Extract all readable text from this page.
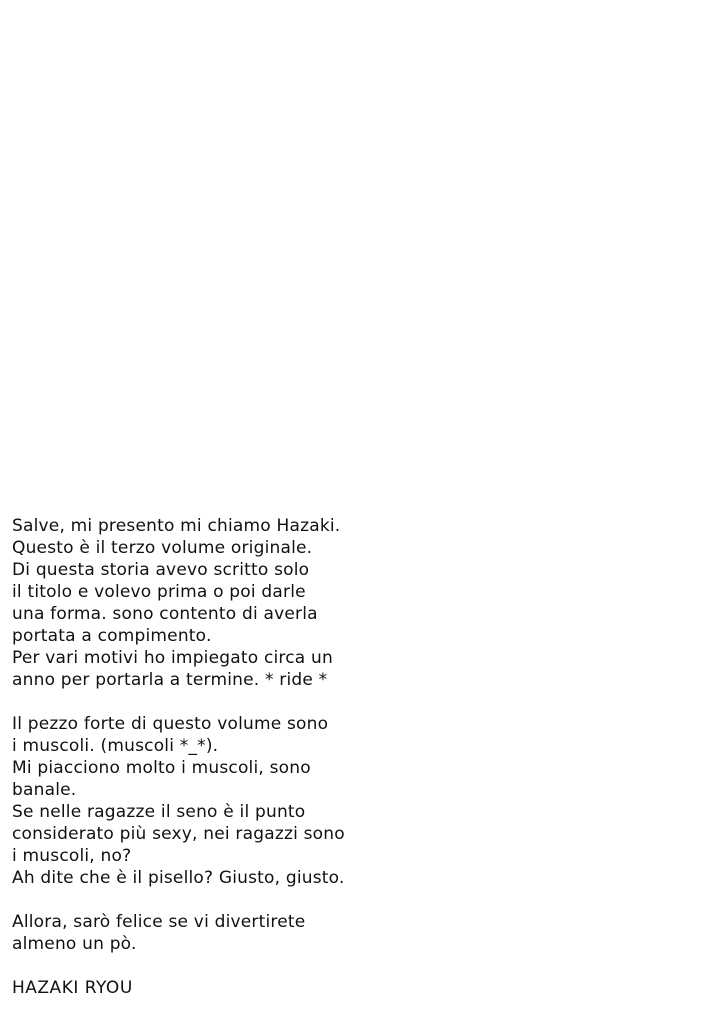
Salve, mi presento mi chiamo Hazaki.
Questo è il terzo volume originale.
Di questa storia avevo scritto solo
il titolo e volevo prima o poi darle
una forma. sono contento di averla
portata a compimento.
Per vari motivi ho impiegato circa un
anno per portarla a termine. * ride *
Il pezzo forte di questo volume sono
i muscoli. (muscoli *_*).
Mi piacciono molto i muscoli, sono
banale.
Se nelle ragazze il seno è il punto
considerato più sexy, nei ragazzi sono
i muscoli, no?
Ah dite che è il pisello? Giusto, giusto.
Allora, sarò felice se vi divertirete
almeno un pò.
HAZAKI RYOU
